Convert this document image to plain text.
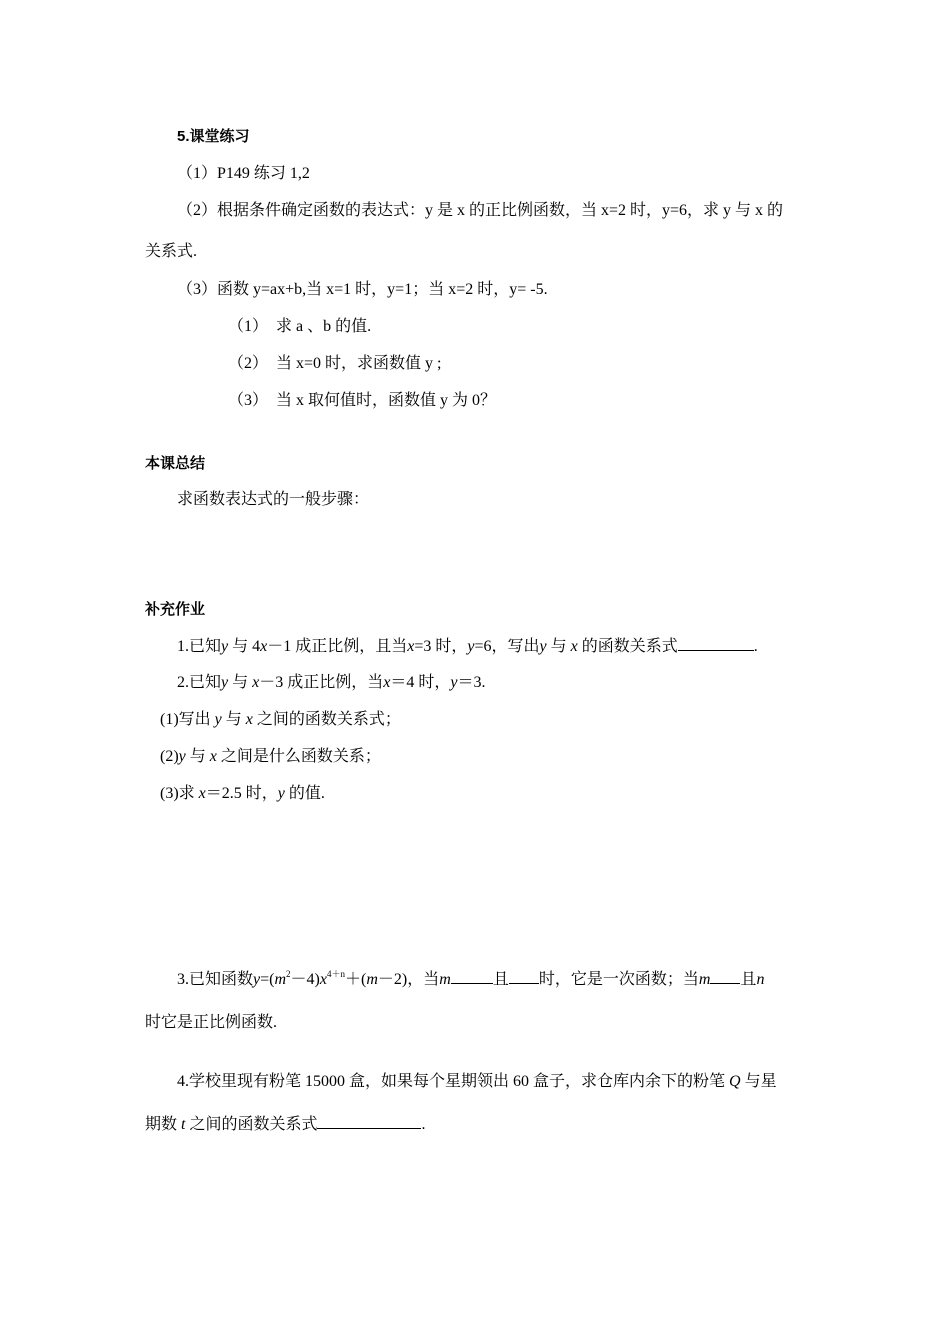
5.课堂练习
（1）P149 练习 1,2
（2）根据条件确定函数的表达式：y 是 x 的正比例函数，当 x=2 时，y=6，求 y 与 x 的
关系式.
（3）函数 y=ax+b,当 x=1 时，y=1；当 x=2 时，y= -5.
（1） 求 a 、b 的值.
（2） 当 x=0 时，求函数值 y ;
（3） 当 x 取何值时，函数值 y 为 0？
本课总结
求函数表达式的一般步骤：
补充作业
1.已知y 与 4x－1 成正比例，且当x=3 时，y=6，写出y 与 x 的函数关系式	.
2.已知y 与 x－3 成正比例，当x＝4 时，y＝3.
(1)写出 y 与 x 之间的函数关系式；
(2)y 与 x 之间是什么函数关系；
(3)求 x＝2.5 时，y 的值.
3.已知函数$y=(m^2-4)x^{4+n}+(m-2)$，当m	且 时，它是一次函数；当m 且n
时它是正比例函数.
4.学校里现有粉笔 15000 盒，如果每个星期领出 60 盒子，求仓库内余下的粉笔 Q 与星
期数 t 之间的函数关系式	.
